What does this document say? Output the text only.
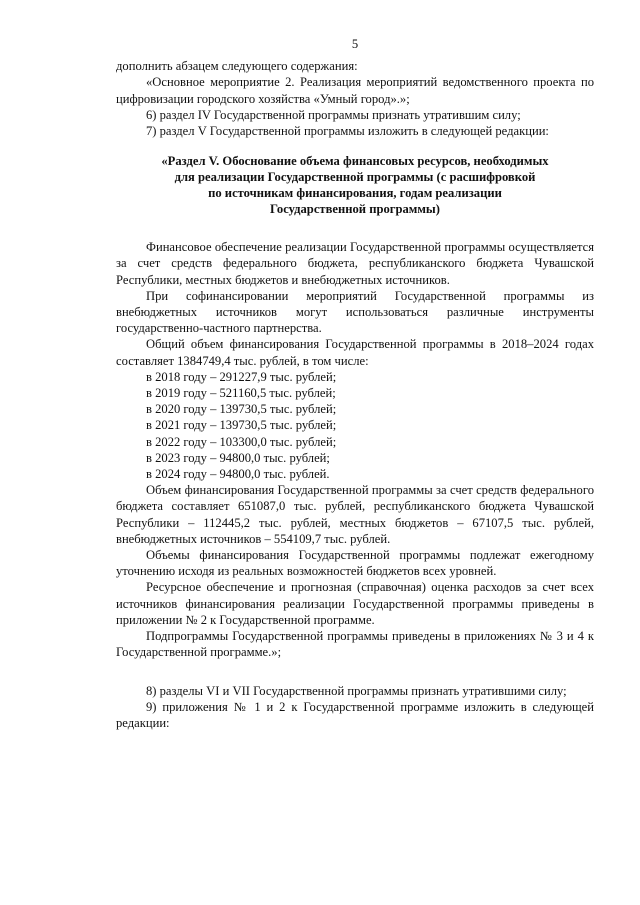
5

дополнить абзацем следующего содержания:

«Основное мероприятие 2. Реализация мероприятий ведомственного проекта по цифровизации городского хозяйства «Умный город».»;

6) раздел IV Государственной программы признать утратившим силу;

7) раздел V Государственной программы изложить в следующей редакции:

«Раздел V. Обоснование объема финансовых ресурсов, необходимых
для реализации Государственной программы (с расшифровкой
по источникам финансирования, годам реализации
Государственной программы)

Финансовое обеспечение реализации Государственной программы осуществляется за счет средств федерального бюджета, республиканского бюджета Чувашской Республики, местных бюджетов и внебюджетных источников.

При софинансировании мероприятий Государственной программы из внебюджетных источников могут использоваться различные инструменты государственно-частного партнерства.

Общий объем финансирования Государственной программы в 2018–2024 годах составляет 1384749,4 тыс. рублей, в том числе:

в 2018 году – 291227,9 тыс. рублей;

в 2019 году – 521160,5 тыс. рублей;

в 2020 году – 139730,5 тыс. рублей;

в 2021 году – 139730,5 тыс. рублей;

в 2022 году – 103300,0 тыс. рублей;

в 2023 году – 94800,0 тыс. рублей;

в 2024 году – 94800,0 тыс. рублей.

Объем финансирования Государственной программы за счет средств федерального бюджета составляет 651087,0 тыс. рублей, республиканского бюджета Чувашской Республики – 112445,2 тыс. рублей, местных бюджетов – 67107,5 тыс. рублей, внебюджетных источников – 554109,7 тыс. рублей.

Объемы финансирования Государственной программы подлежат ежегодному уточнению исходя из реальных возможностей бюджетов всех уровней.

Ресурсное обеспечение и прогнозная (справочная) оценка расходов за счет всех источников финансирования реализации Государственной программы приведены в приложении № 2 к Государственной программе.

Подпрограммы Государственной программы приведены в приложениях № 3 и 4 к Государственной программе.»;

8) разделы VI и VII Государственной программы признать утратившими силу;

9) приложения № 1 и 2 к Государственной программе изложить в следующей редакции:
